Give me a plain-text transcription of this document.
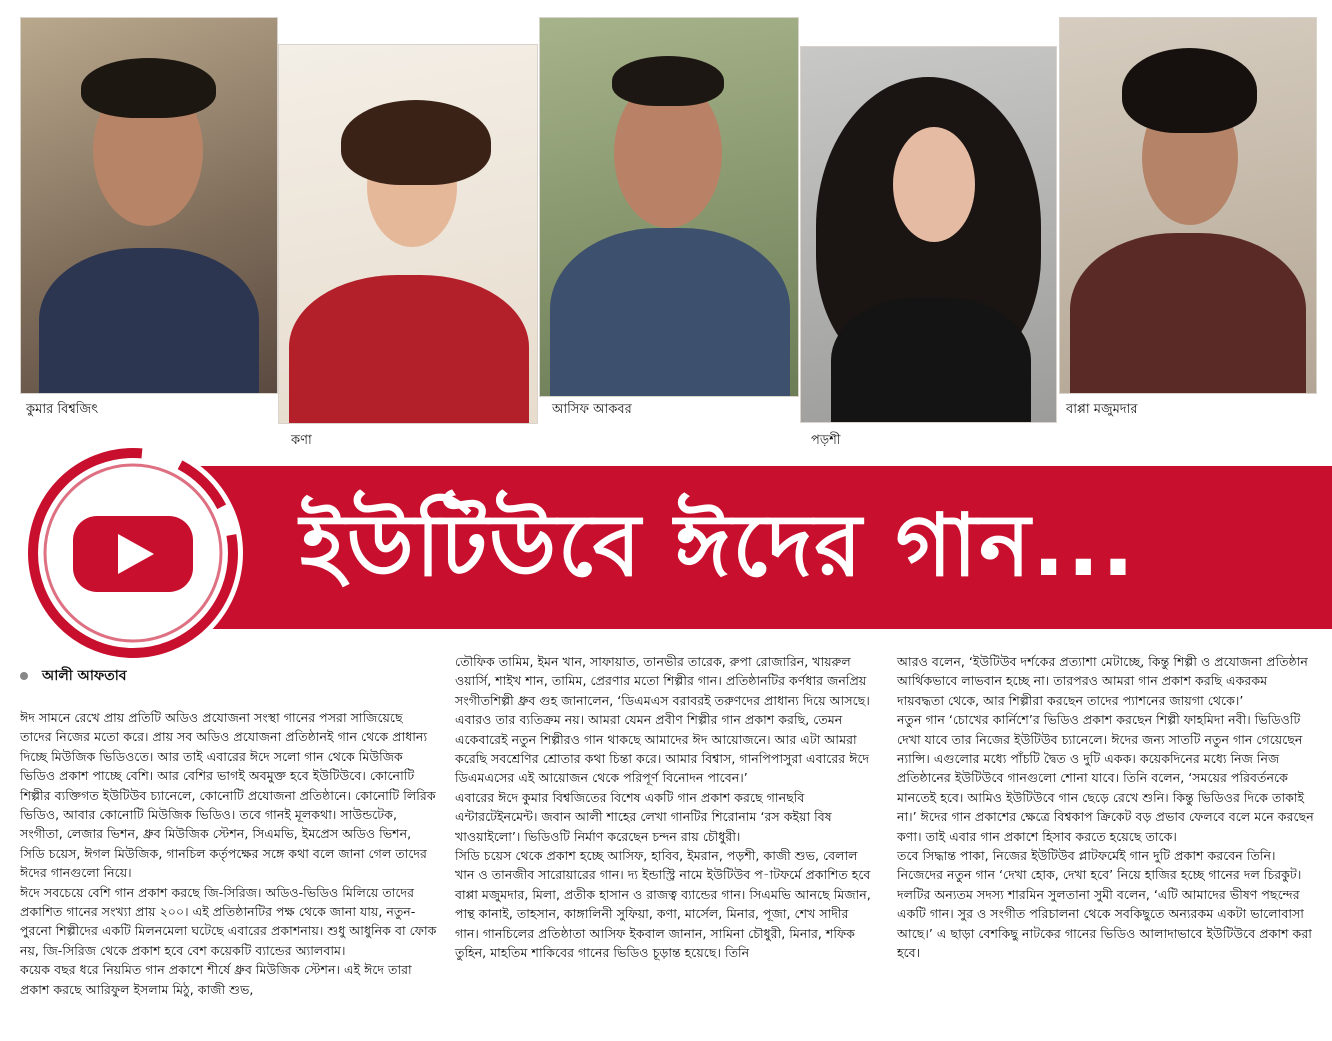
কুমার বিশ্বজিৎ
কণা
আসিফ আকবর
পড়শী
বাপ্পা মজুমদার
ইউটিউবে ঈদের গান...
আলী আফতাব

ঈদ সামনে রেখে প্রায় প্রতিটি অডিও প্রযোজনা সংস্থা গানের পসরা সাজিয়েছে তাদের নিজের মতো করে। প্রায় সব অডিও প্রযোজনা প্রতিষ্ঠানই গান থেকে প্রাধান্য দিচ্ছে মিউজিক ভিডিওতে। আর তাই এবারের ঈদে সলো গান থেকে মিউজিক ভিডিও প্রকাশ পাচ্ছে বেশি। আর বেশির ভাগই অবমুক্ত হবে ইউটিউবে। কোনোটি শিল্পীর ব্যক্তিগত ইউটিউব চ্যানেলে, কোনোটি প্রযোজনা প্রতিষ্ঠানে। কোনোটি লিরিক ভিডিও, আবার কোনোটি মিউজিক ভিডিও। তবে গানই মূলকথা। সাউন্ডটেক, সংগীতা, লেজার ভিশন, ধ্রুব মিউজিক স্টেশন, সিএমভি, ইমপ্রেস অডিও ভিশন, সিডি চয়েস, ঈগল মিউজিক, গানচিল কর্তৃপক্ষের সঙ্গে কথা বলে জানা গেল তাদের ঈদের গানগুলো নিয়ে।

ঈদে সবচেয়ে বেশি গান প্রকাশ করছে জি-সিরিজ। অডিও-ভিডিও মিলিয়ে তাদের প্রকাশিত গানের সংখ্যা প্রায় ২০০। এই প্রতিষ্ঠানটির পক্ষ থেকে জানা যায়, নতুন-পুরনো শিল্পীদের একটি মিলনমেলা ঘটেছে এবারের প্রকাশনায়। শুধু আধুনিক বা ফোক নয়, জি-সিরিজ থেকে প্রকাশ হবে বেশ কয়েকটি ব্যান্ডের অ্যালবাম।

কয়েক বছর ধরে নিয়মিত গান প্রকাশে শীর্ষে ধ্রুব মিউজিক স্টেশন। এই ঈদে তারা প্রকাশ করছে আরিফুল ইসলাম মিঠু, কাজী শুভ,

তৌফিক তামিম, ইমন খান, সাফায়াত, তানভীর তারেক, রুপা রোজারিন, খায়রুল ওয়ার্সি, শাইখ শান, তামিম, প্রেরণার মতো শিল্পীর গান। প্রতিষ্ঠানটির কর্ণধার জনপ্রিয় সংগীতশিল্পী ধ্রুব গুহ জানালেন, ‘ডিএমএস বরাবরই তরুণদের প্রাধান্য দিয়ে আসছে। এবারও তার ব্যতিক্রম নয়। আমরা যেমন প্রবীণ শিল্পীর গান প্রকাশ করছি, তেমন একেবারেই নতুন শিল্পীরও গান থাকছে আমাদের ঈদ আয়োজনে। আর এটা আমরা করেছি সবশ্রেণির শ্রোতার কথা চিন্তা করে। আমার বিশ্বাস, গানপিপাসুরা এবারের ঈদে ডিএমএসের এই আয়োজন থেকে পরিপূর্ণ বিনোদন পাবেন।’

এবারের ঈদে কুমার বিশ্বজিতের বিশেষ একটি গান প্রকাশ করছে গানছবি এন্টারটেইনমেন্ট। জবান আলী শাহের লেখা গানটির শিরোনাম ‘রস কইয়া বিষ খাওয়াইলো’। ভিডিওটি নির্মাণ করেছেন চন্দন রায় চৌধুরী।

সিডি চয়েস থেকে প্রকাশ হচ্ছে আসিফ, হাবিব, ইমরান, পড়শী, কাজী শুভ, বেলাল খান ও তানজীব সারোয়ারের গান। দ্য ইন্ডাস্ট্রি নামে ইউটিউব প-াটফর্মে প্রকাশিত হবে বাপ্পা মজুমদার, মিলা, প্রতীক হাসান ও রাজত্ব ব্যান্ডের গান। সিএমভি আনছে মিজান, পান্থ কানাই, তাহসান, কাঙ্গালিনী সুফিয়া, কণা, মার্সেল, মিনার, পূজা, শেখ সাদীর গান। গানচিলের প্রতিষ্ঠাতা আসিফ ইকবাল জানান, সামিনা চৌধুরী, মিনার, শফিক তুহিন, মাহতিম শাকিবের গানের ভিডিও চূড়ান্ত হয়েছে। তিনি

আরও বলেন, ‘ইউটিউব দর্শকের প্রত্যাশা মেটাচ্ছে, কিন্তু শিল্পী ও প্রযোজনা প্রতিষ্ঠান আর্থিকভাবে লাভবান হচ্ছে না। তারপরও আমরা গান প্রকাশ করছি একরকম দায়বদ্ধতা থেকে, আর শিল্পীরা করছেন তাদের প্যাশনের জায়গা থেকে।’

নতুন গান ‘চোখের কার্নিশে’র ভিডিও প্রকাশ করছেন শিল্পী ফাহমিদা নবী। ভিডিওটি দেখা যাবে তার নিজের ইউটিউব চ্যানেলে। ঈদের জন্য সাতটি নতুন গান গেয়েছেন ন্যান্সি। এগুলোর মধ্যে পাঁচটি দ্বৈত ও দুটি একক। কয়েকদিনের মধ্যে নিজ নিজ প্রতিষ্ঠানের ইউটিউবে গানগুলো শোনা যাবে। তিনি বলেন, ‘সময়ের পরিবর্তনকে মানতেই হবে। আমিও ইউটিউবে গান ছেড়ে রেখে শুনি। কিন্তু ভিডিওর দিকে তাকাই না।’ ঈদের গান প্রকাশের ক্ষেত্রে বিশ্বকাপ ক্রিকেট বড় প্রভাব ফেলবে বলে মনে করছেন কণা। তাই এবার গান প্রকাশে হিসাব করতে হয়েছে তাকে।

তবে সিদ্ধান্ত পাকা, নিজের ইউটিউব প্লাটফর্মেই গান দুটি প্রকাশ করবেন তিনি। নিজেদের নতুন গান ‘দেখা হোক, দেখা হবে’ নিয়ে হাজির হচ্ছে গানের দল চিরকুট। দলটির অন্যতম সদস্য শারমিন সুলতানা সুমী বলেন, ‘এটি আমাদের ভীষণ পছন্দের একটি গান। সুর ও সংগীত পরিচালনা থেকে সবকিছুতে অন্যরকম একটা ভালোবাসা আছে।’ এ ছাড়া বেশকিছু নাটকের গানের ভিডিও আলাদাভাবে ইউটিউবে প্রকাশ করা হবে।
